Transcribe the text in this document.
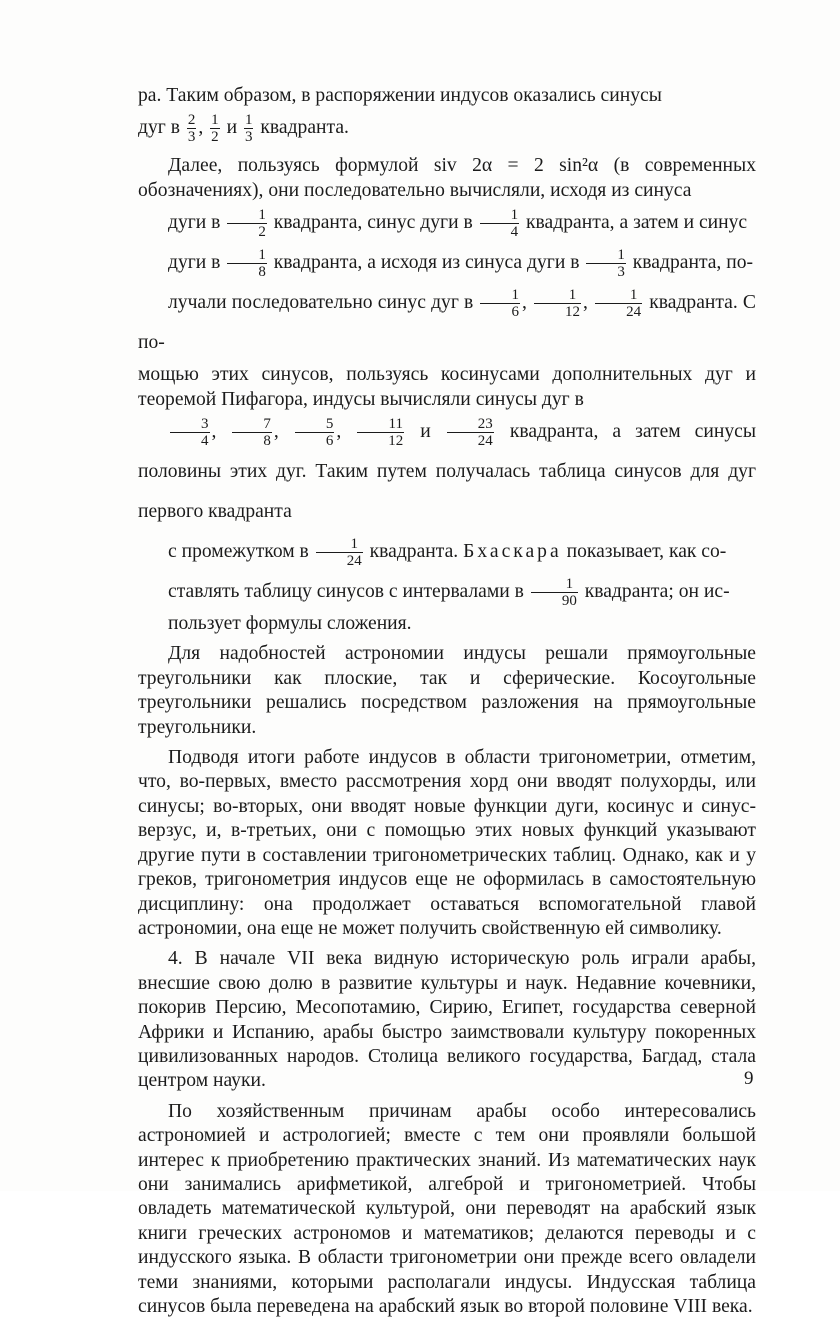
ра. Таким образом, в распоряжении индусов оказались синусы
дуг в $\frac{2}{3}$ , $\frac{1}{2}$ и $\frac{1}{3}$ квадранта.
Далее, пользуясь формулой siv 2α = 2 sin²α (в современных обозначениях), они последовательно вычисляли, исходя из синуса
дуги в $\frac{1}{2}$ квадранта, синус дуги в $\frac{1}{4}$ квадранта, а затем и синус
дуги в $\frac{1}{8}$ квадранта, а исходя из синуса дуги в $\frac{1}{3}$ квадранта, по-
лучали последовательно синус дуг в $\frac{1}{6}$ , $\frac{1}{12}$ , $\frac{1}{24}$ квадранта. С по-
мощью этих синусов, пользуясь косинусами дополнительных дуг и теоремой Пифагора, индусы вычисляли синусы дуг в
$\frac{3}{4}$ , $\frac{7}{8}$ , $\frac{5}{6}$ , $\frac{11}{12}$ и $\frac{23}{24}$ квадранта, а затем синусы половины этих дуг. Таким путем получалась таблица синусов для дуг первого квадранта
с промежутком в $\frac{1}{24}$ квадранта. Бхаскара показывает, как со-
ставлять таблицу синусов с интервалами в $\frac{1}{90}$ квадранта; он ис-
пользует формулы сложения.

Для надобностей астрономии индусы решали прямоугольные треугольники как плоские, так и сферические. Косоугольные треугольники решались посредством разложения на прямоугольные треугольники.

Подводя итоги работе индусов в области тригонометрии, отметим, что, во-первых, вместо рассмотрения хорд они вводят полухорды, или синусы; во-вторых, они вводят новые функции дуги, косинус и синус-верзус, и, в-третьих, они с помощью этих новых функций указывают другие пути в составлении тригонометрических таблиц. Однако, как и у греков, тригонометрия индусов еще не оформилась в самостоятельную дисциплину: она продолжает оставаться вспомогательной главой астрономии, она еще не может получить свойственную ей символику.

4. В начале VII века видную историческую роль играли арабы, внесшие свою долю в развитие культуры и наук. Недавние кочевники, покорив Персию, Месопотамию, Сирию, Египет, государства северной Африки и Испанию, арабы быстро заимствовали культуру покоренных цивилизованных народов. Столица великого государства, Багдад, стала центром науки.

По хозяйственным причинам арабы особо интересовались астрономией и астрологией; вместе с тем они проявляли большой интерес к приобретению практических знаний. Из математических наук они занимались арифметикой, алгеброй и тригонометрией. Чтобы овладеть математической культурой, они переводят на арабский язык книги греческих астрономов и математиков; делаются переводы и с индусского языка. В области тригонометрии они прежде всего овладели теми знаниями, которыми располагали индусы. Индусская таблица синусов была переведена на арабский язык во второй половине VIII века.

9
